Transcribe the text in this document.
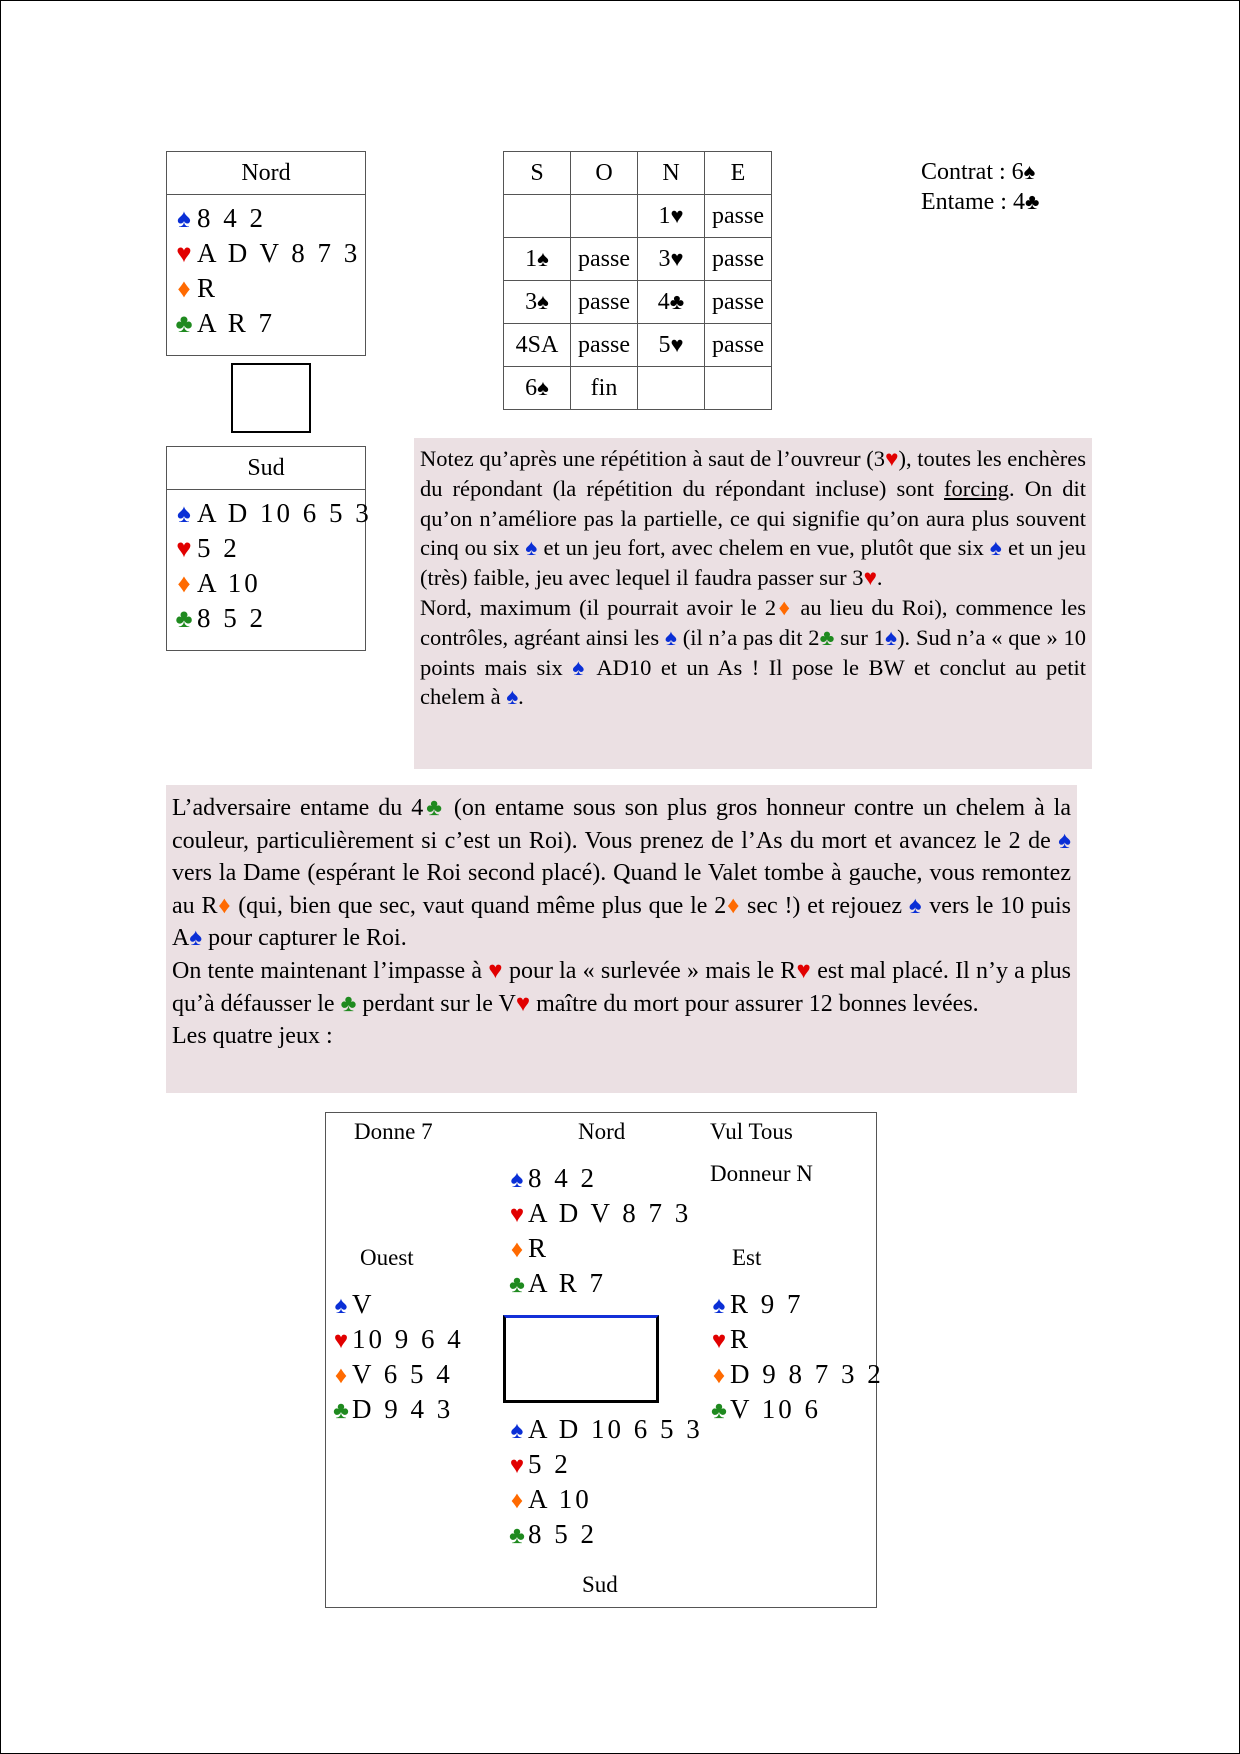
Nord
♠ 8 4 2
♥ A D V 8 7 3
♦ R
♣ A R 7
Sud
♠ A D 10 6 5 3
♥ 5 2
♦ A 10
♣ 8 5 2
S	O	N	E
		1♥	passe
1♠	passe	3♥	passe
3♠	passe	4♣	passe
4SA	passe	5♥	passe
6♠	fin		
Contrat : 6♠
Entame : 4♣
Notez qu’après une répétition à saut de l’ouvreur (3♥), toutes les enchères du répondant (la répétition du répondant incluse) sont forcing. On dit qu’on n’améliore pas la partielle, ce qui signifie qu’on aura plus souvent cinq ou six ♠ et un jeu fort, avec chelem en vue, plutôt que six ♠ et un jeu (très) faible, jeu avec lequel il faudra passer sur 3♥.
Nord, maximum (il pourrait avoir le 2♦ au lieu du Roi), commence les contrôles, agréant ainsi les ♠ (il n’a pas dit 2♣ sur 1♠). Sud n’a « que » 10 points mais six ♠ AD10 et un As ! Il pose le BW et conclut au petit chelem à ♠.
L’adversaire entame du 4♣ (on entame sous son plus gros honneur contre un chelem à la couleur, particulièrement si c’est un Roi). Vous prenez de l’As du mort et avancez le 2 de ♠ vers la Dame (espérant le Roi second placé). Quand le Valet tombe à gauche, vous remontez au R♦ (qui, bien que sec, vaut quand même plus que le 2♦ sec !) et rejouez ♠ vers le 10 puis A♠ pour capturer le Roi.
On tente maintenant l’impasse à ♥ pour la « surlevée » mais le R♥ est mal placé. Il n’y a plus qu’à défausser le ♣ perdant sur le V♥ maître du mort pour assurer 12 bonnes levées.
Les quatre jeux :
Donne 7	Nord	Vul Tous
Donneur N
Ouest	Est
Sud
♠ 8 4 2
♥ A D V 8 7 3
♦ R
♣ A R 7
♠ V
♥ 10 9 6 4
♦ V 6 5 4
♣ D 9 4 3
♠ R 9 7
♥ R
♦ D 9 8 7 3 2
♣ V 10 6
♠ A D 10 6 5 3
♥ 5 2
♦ A 10
♣ 8 5 2
